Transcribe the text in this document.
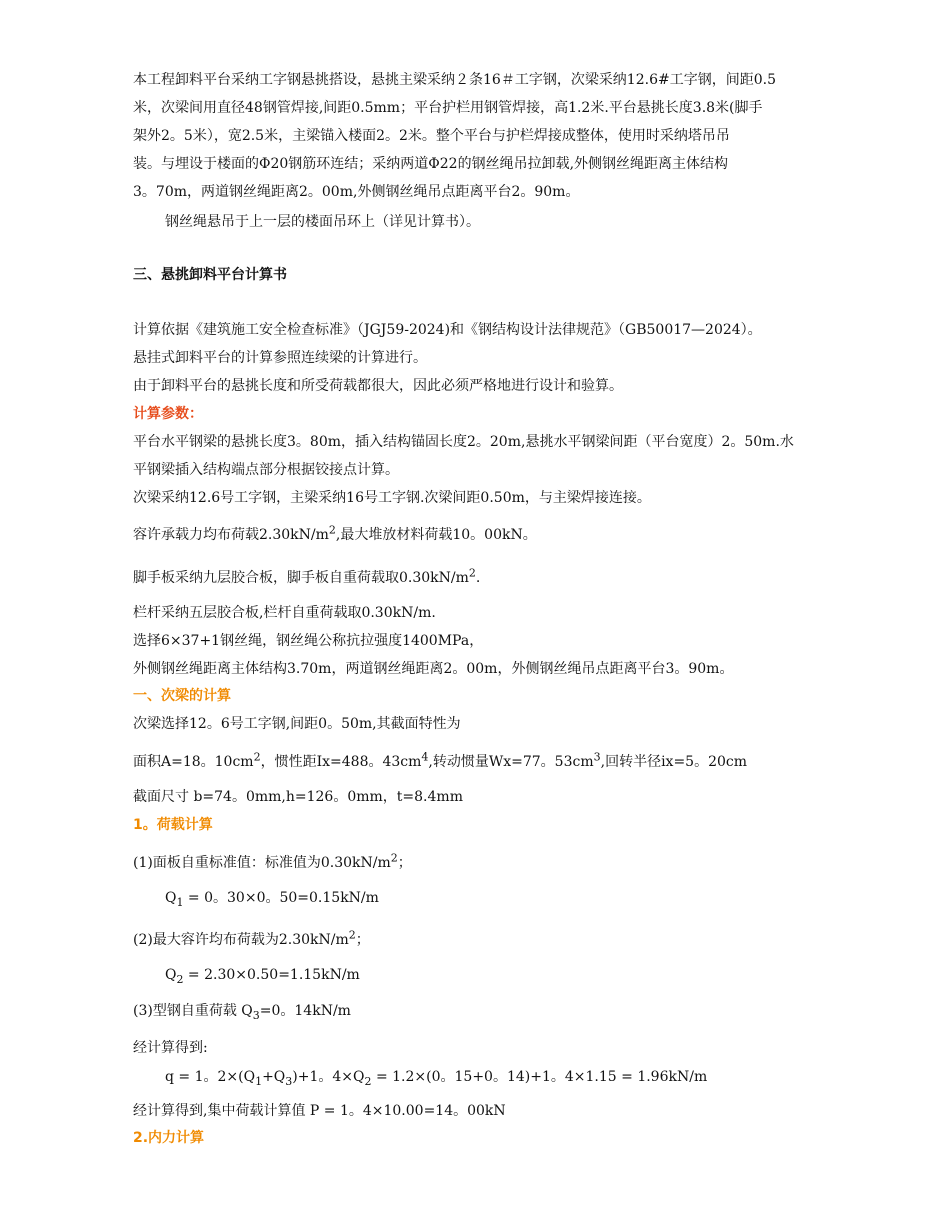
本工程卸料平台采纳工字钢悬挑搭设，悬挑主梁采纳２条16＃工字钢，次梁采纳12.6#工字钢，间距0.5
米，次梁间用直径48钢管焊接,间距0.5mm；平台护栏用钢管焊接，高1.2米.平台悬挑长度3.8米(脚手
架外2。5米），宽2.5米，主梁锚入楼面2。2米。整个平台与护栏焊接成整体，使用时采纳塔吊吊
装。与埋设于楼面的Φ20钢筋环连结；采纳两道Φ22的钢丝绳吊拉卸载,外侧钢丝绳距离主体结构
3。70m，两道钢丝绳距离2。00m,外侧钢丝绳吊点距离平台2。90m。
钢丝绳悬吊于上一层的楼面吊环上（详见计算书）。
三、悬挑卸料平台计算书
计算依据《建筑施工安全检查标准》（JGJ59-2024)和《钢结构设计法律规范》（GB50017—2024）。
悬挂式卸料平台的计算参照连续梁的计算进行。
由于卸料平台的悬挑长度和所受荷载都很大，因此必须严格地进行设计和验算。
计算参数：
平台水平钢梁的悬挑长度3。80m，插入结构锚固长度2。20m,悬挑水平钢梁间距（平台宽度）2。50m.水
平钢梁插入结构端点部分根据铰接点计算。
次梁采纳12.6号工字钢，主梁采纳16号工字钢.次梁间距0.50m，与主梁焊接连接。
容许承载力均布荷载$2.30kN/m^2$,最大堆放材料荷载10。00kN。
脚手板采纳九层胶合板，脚手板自重荷载取$0.30kN/m^2$.
栏杆采纳五层胶合板,栏杆自重荷载取0.30kN/m.
选择6×37+1钢丝绳，钢丝绳公称抗拉强度1400MPa，
外侧钢丝绳距离主体结构3.70m，两道钢丝绳距离2。00m，外侧钢丝绳吊点距离平台3。90m。
一、次梁的计算
次梁选择12。6号工字钢,间距0。50m,其截面特性为
面积A=18。$10cm^2$，惯性距Ix=488。$43cm^4$,转动惯量Wx=77。$53cm^3$,回转半径ix=5。20cm
截面尺寸 b=74。0mm,h=126。0mm，t=8.4mm
1。荷载计算
(1)面板自重标准值：标准值为$0.30kN/m^2$；
$Q_1 = 0$。30×0。50=0.15kN/m
(2)最大容许均布荷载为$2.30kN/m^2$；
$Q_2 = 2.30\times 0.50=1.15kN/m$
(3)型钢自重荷载 $Q_3=0$。14kN/m
经计算得到:
q = 1。$2\times(Q_1+Q_3)+1$。$4\times Q_2 = 1.2\times(0$。15+0。14)+1。4×1.15 = 1.96kN/m
经计算得到,集中荷载计算值 P = 1。4×10.00=14。00kN
2.内力计算
